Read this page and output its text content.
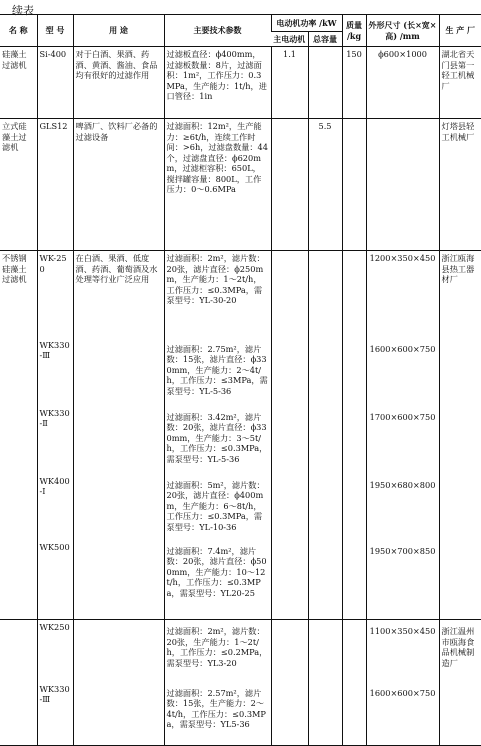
续表
名 称	型 号	用 途	主要技术参数	电动机功率 /kW		质量 /kg	外形尺寸 (长×宽×高) /mm	生 产 厂
				主电动机	总容量			
硅藻土过滤机	Si-400	对于白酒、果酒、药酒、黄酒、酱油、食品均有很好的过滤作用	过滤板直径：ϕ400mm，过滤板数量：8片，过滤面积：1m²，工作压力：0.3MPa，生产能力：1t/h，进口管径：1in	1.1		150	ϕ600×1000	湖北省天门县第一轻工机械厂
立式硅藻土过滤机	GLS12	啤酒厂、饮料厂必备的过滤设备	过滤面积：12m²，生产能力：≥6t/h，连续工作时间：>6h，过滤盘数量：44个，过滤盘直径：ϕ620mm，过滤柜容积：650L，搅拌罐容量：800L，工作压力：0～0.6MPa		5.5			灯塔县轻工机械厂
不锈钢硅藻土过滤机	WK-250	在白酒、果酒、低度酒、药酒、葡萄酒及水处理等行业广泛应用	过滤面积：2m²，滤片数：20张，滤片直径：ϕ250mm，生产能力：1～2t/h，工作压力：≤0.3MPa，需泵型号：YL-30-20				1200×350×450	浙江瓯海县热工器材厂
	WK330-Ⅲ		过滤面积：2.75m²，滤片数：15张，滤片直径：ϕ330mm，生产能力：2～4t/h，工作压力：≤3MPa，需泵型号：YL-5-36				1600×600×750	
	WK330-Ⅱ		过滤面积：3.42m²，滤片数：20张，滤片直径：ϕ330mm，生产能力：3～5t/h，工作压力：≤0.3MPa，需泵型号：YL-5-36				1700×600×750	
	WK400-Ⅰ		过滤面积：5m²，滤片数：20张，滤片直径：ϕ400mm，生产能力：6～8t/h，工作压力：≤0.3MPa，需泵型号：YL-10-36				1950×680×800	
	WK500		过滤面积：7.4m²，滤片数：20张，滤片直径：ϕ500mm，生产能力：10～12t/h，工作压力：≤0.3MPa，需泵型号：YL20-25				1950×700×850	
	WK250		过滤面积：2m²，滤片数：20张，生产能力：1～2t/h，工作压力：≤0.2MPa，需泵型号：YL3-20				1100×350×450	浙江温州市瓯海食品机械制造厂
	WK330-Ⅲ		过滤面积：2.57m²，滤片数：15张，生产能力：2～4t/h，工作压力：≤0.3MPa，需泵型号：YL5-36				1600×600×750	
